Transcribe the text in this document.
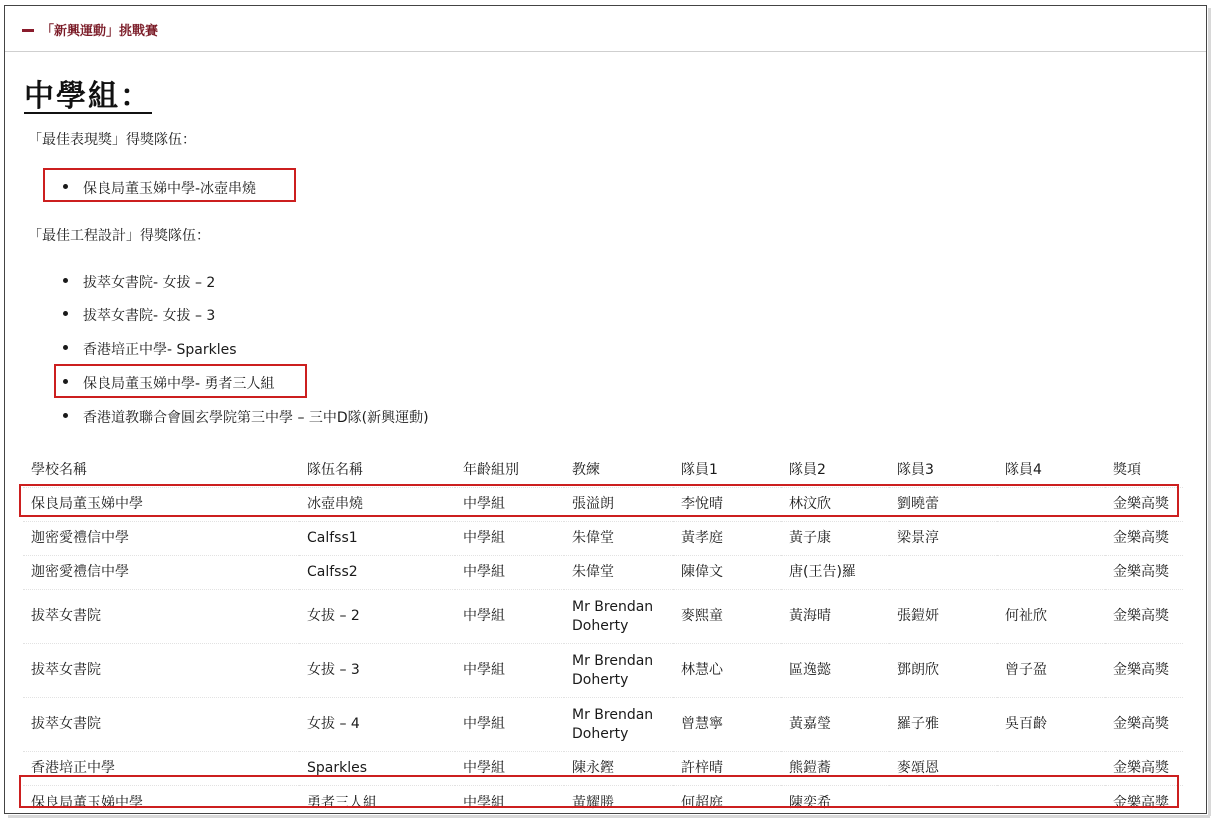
「新興運動」挑戰賽
中學組：
「最佳表現獎」得獎隊伍：
保良局董玉娣中學-冰壺串燒
「最佳工程設計」得獎隊伍：
拔萃女書院- 女拔 – 2
拔萃女書院- 女拔 – 3
香港培正中學- Sparkles
保良局董玉娣中學- 勇者三人組
香港道教聯合會圓玄學院第三中學 – 三中D隊(新興運動)
學校名稱	隊伍名稱	年齡組別	教練	隊員1	隊員2	隊員3	隊員4	獎項
保良局董玉娣中學	冰壺串燒	中學組	張溢朗	李悅晴	林汶欣	劉曉蕾		金樂高獎
迦密愛禮信中學	Calfss1	中學組	朱偉堂	黃孝庭	黃子康	梁景淳		金樂高獎
迦密愛禮信中學	Calfss2	中學組	朱偉堂	陳偉文	唐(王告)羅			金樂高獎
拔萃女書院	女拔 – 2	中學組	Mr Brendan Doherty	麥熙童	黃海晴	張鎧妍	何祉欣	金樂高獎
拔萃女書院	女拔 – 3	中學組	Mr Brendan Doherty	林慧心	區逸懿	鄧朗欣	曾子盈	金樂高獎
拔萃女書院	女拔 – 4	中學組	Mr Brendan Doherty	曾慧寧	黃嘉瑩	羅子雅	吳百齡	金樂高獎
香港培正中學	Sparkles	中學組	陳永鏗	許梓晴	熊鎧蕎	麥頌恩		金樂高獎
保良局董玉娣中學	勇者三人組	中學組	黃耀勝	何超庭	陳奕希			金樂高獎
